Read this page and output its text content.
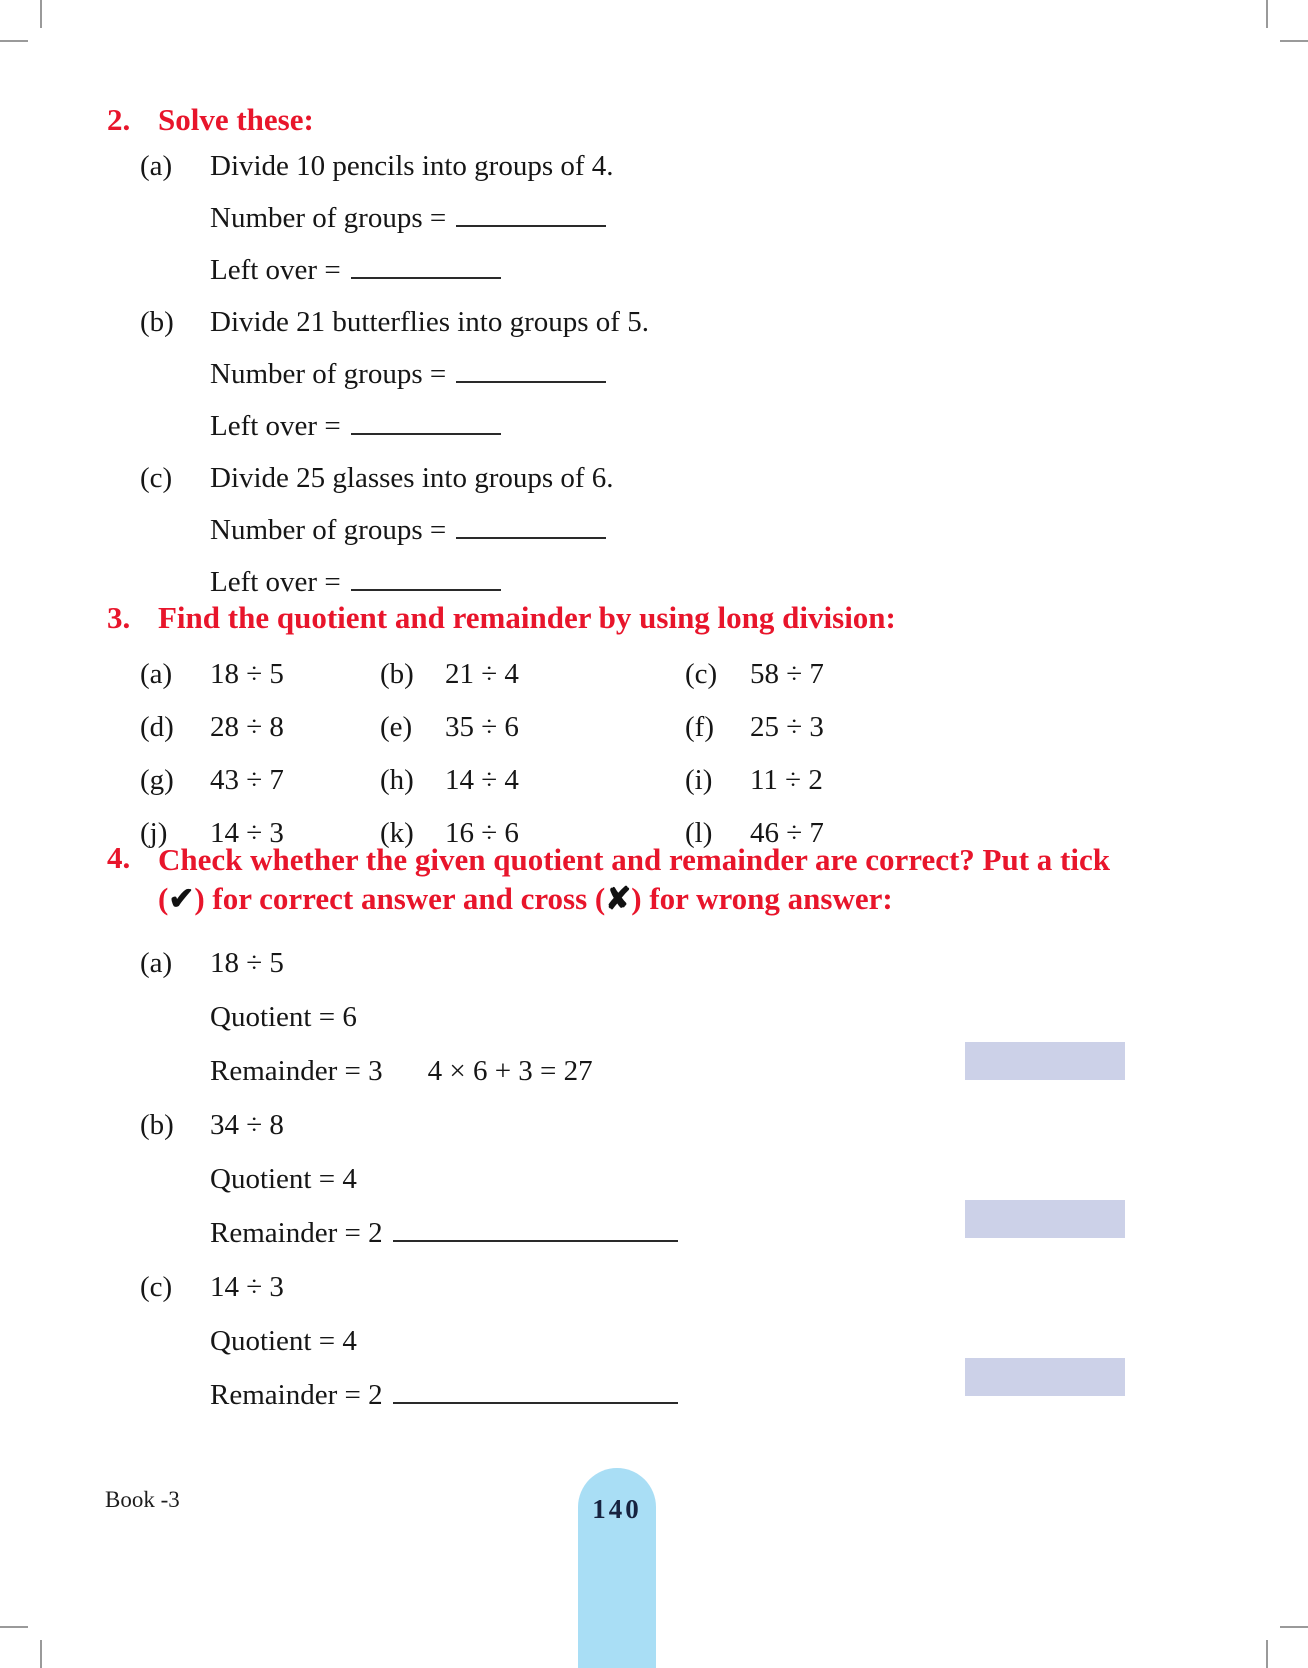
2. Solve these:
(a) Divide 10 pencils into groups of 4.
Number of groups =
Left over =
(b) Divide 21 butterflies into groups of 5.
Number of groups =
Left over =
(c) Divide 25 glasses into groups of 6.
Number of groups =
Left over =
3. Find the quotient and remainder by using long division:
(a)	18 ÷ 5	(b)	21 ÷ 4	(c)	58 ÷ 7
(d)	28 ÷ 8	(e)	35 ÷ 6	(f)	25 ÷ 3
(g)	43 ÷ 7	(h)	14 ÷ 4	(i)	11 ÷ 2
(j)	14 ÷ 3	(k)	16 ÷ 6	(l)	46 ÷ 7
4. Check whether the given quotient and remainder are correct? Put a tick
(✔) for correct answer and cross (✘) for wrong answer:
(a) 18 ÷ 5
Quotient = 6
Remainder = 3 4 × 6 + 3 = 27
(b) 34 ÷ 8
Quotient = 4
Remainder = 2
(c) 14 ÷ 3
Quotient = 4
Remainder = 2
Book -3	140
